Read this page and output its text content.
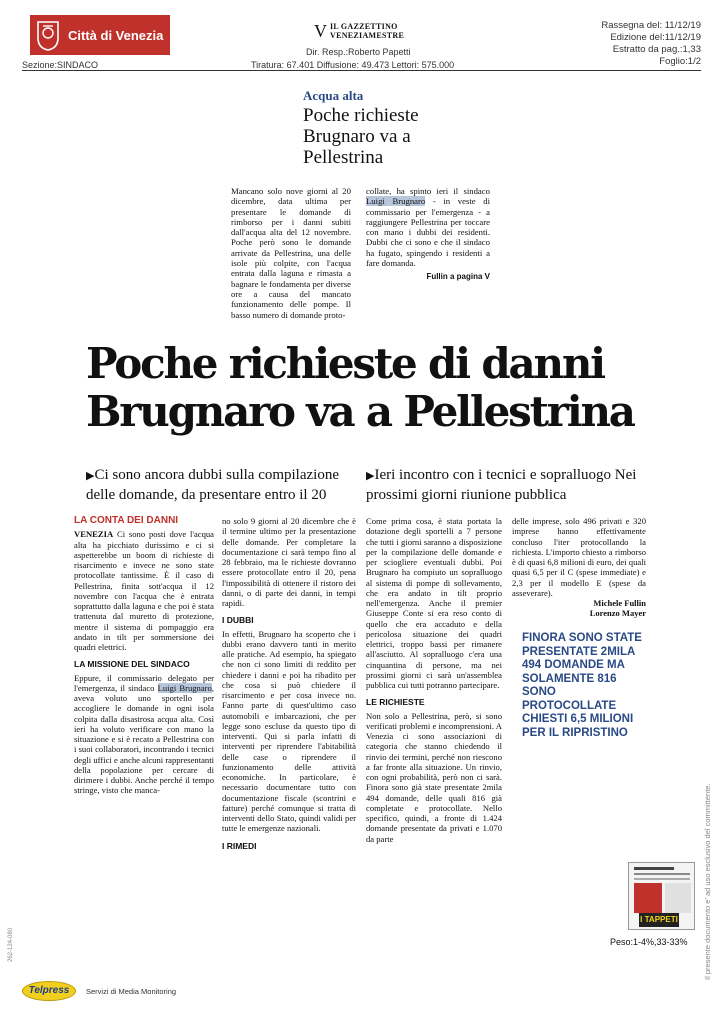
Città di Venezia	V IL GAZZETTINO
VENEZIAMESTRE
Dir. Resp.:Roberto Papetti
Tiratura: 67.401 Diffusione: 49.473 Lettori: 575.000
Rassegna del: 11/12/19
Edizione del:11/12/19
Estratto da pag.:1,33
Foglio:1/2
Sezione:SINDACO
Acqua alta
Poche richieste Brugnaro va a Pellestrina

Mancano solo nove giorni al 20 dicembre, data ultima per presentare le domande di rimborso per i danni subiti dall'acqua alta del 12 novembre. Poche però sono le domande arrivate da Pellestrina, una delle isole più colpite, con l'acqua entrata dalla laguna e rimasta a bagnare le fondamenta per diverse ore a causa del mancato funzionamento delle pompe. Il basso numero di domande proto-

collate, ha spinto ieri il sindaco Luigi Brugnaro - in veste di commissario per l'emergenza - a raggiungere Pellestrina per toccare con mano i dubbi dei residenti. Dubbi che ci sono e che il sindaco ha fugato, spingendo i residenti a fare domanda.

Fullin a pagina V
Poche richieste di danni
Brugnaro va a Pellestrina
▶Ci sono ancora dubbi sulla compilazione delle domande, da presentare entro il 20
▶Ieri incontro con i tecnici e sopralluogo Nei prossimi giorni riunione pubblica
LA CONTA DEI DANNI

VENEZIA Ci sono posti dove l'acqua alta ha picchiato durissimo e ci si aspetterebbe un boom di richieste di risarcimento e invece ne sono state protocollate tantissime. È il caso di Pellestrina, finita sott'acqua il 12 novembre con l'acqua che è entrata soprattutto dalla laguna e che poi è stata trattenuta dal muretto di protezione, mentre il sistema di pompaggio era andato in tilt per sommersione dei quadri elettrici.

LA MISSIONE DEL SINDACO

Eppure, il commissario delegato per l'emergenza, il sindaco Luigi Brugnaro, aveva voluto uno sportello per accogliere le domande in ogni isola colpita dalla disastrosa acqua alta. Così ieri ha voluto verificare con mano la situazione e si è recato a Pellestrina con i suoi collaboratori, incontrando i tecnici degli uffici e anche alcuni rappresentanti della popolazione per cercare di dirimere i dubbi. Anche perché il tempo stringe, visto che manca-

no solo 9 giorni al 20 dicembre che è il termine ultimo per la presentazione delle domande. Per completare la documentazione ci sarà tempo fino al 28 febbraio, ma le richieste dovranno essere protocollate entro il 20, pena l'impossibilità di ottenere il ristoro dei danni, o di parte dei danni, in tempi rapidi.

I DUBBI

In effetti, Brugnaro ha scoperto che i dubbi erano davvero tanti in merito alle pratiche. Ad esempio, ha spiegato che non ci sono limiti di reddito per chiedere i danni e poi ha ribadito per che cosa si può chiedere il risarcimento e per cosa invece no. Fanno parte di quest'ultimo caso automobili e imbarcazioni, che per legge sono escluse da questo tipo di interventi. Qui si parla infatti di interventi per riprendere l'abitabilità delle case o riprendere il funzionamento delle attività economiche. In particolare, è necessario documentare tutto con documentazione fiscale (scontrini e fatture) perché comunque si tratta di interventi dello Stato, quindi validi per tutte le emergenze nazionali.

I RIMEDI

Come prima cosa, è stata portata la dotazione degli sportelli a 7 persone che tutti i giorni saranno a disposizione per la compilazione delle domande e per sciogliere eventuali dubbi. Poi Brugnaro ha compiuto un sopralluogo al sistema di pompe di sollevamento, che era andato in tilt proprio nell'emergenza. Anche il premier Giuseppe Conte si era reso conto di quello che era accaduto e della pericolosa situazione dei quadri elettrici, troppo bassi per rimanere all'asciutto. Al sopralluogo c'era una cinquantina di persone, ma nei prossimi giorni ci sarà un'assemblea pubblica cui tutti potranno partecipare.

LE RICHIESTE

Non solo a Pellestrina, però, si sono verificati problemi e incomprensioni. A Venezia ci sono associazioni di categoria che stanno chiedendo il rinvio dei termini, perché non riescono a far fronte alla situazione. Un rinvio, con ogni probabilità, però non ci sarà. Finora sono già state presentate 2mila 494 domande, delle quali 816 già completate e protocollate. Nello specifico, quindi, a fronte di 1.424 domande presentate da privati e 1.070 da parte

delle imprese, solo 496 privati e 320 imprese hanno effettivamente concluso l'iter protocollando la richiesta. L'importo chiesto a rimborso è di quasi 6,8 milioni di euro, dei quali quasi 6,5 per il C (spese immediate) e 2,3 per il modello E (spese da asseverare).

Michele Fullin
Lorenzo Mayer
FINORA SONO STATE PRESENTATE 2MILA 494 DOMANDE MA SOLAMENTE 816 SONO PROTOCOLLATE CHIESTI 6,5 MILIONI PER IL RIPRISTINO
Il presente documento e' ad uso esclusivo del committente.
262-124-080
I TAPPETI
Peso:1-4%,33-33%
Telpress	Servizi di Media Monitoring
